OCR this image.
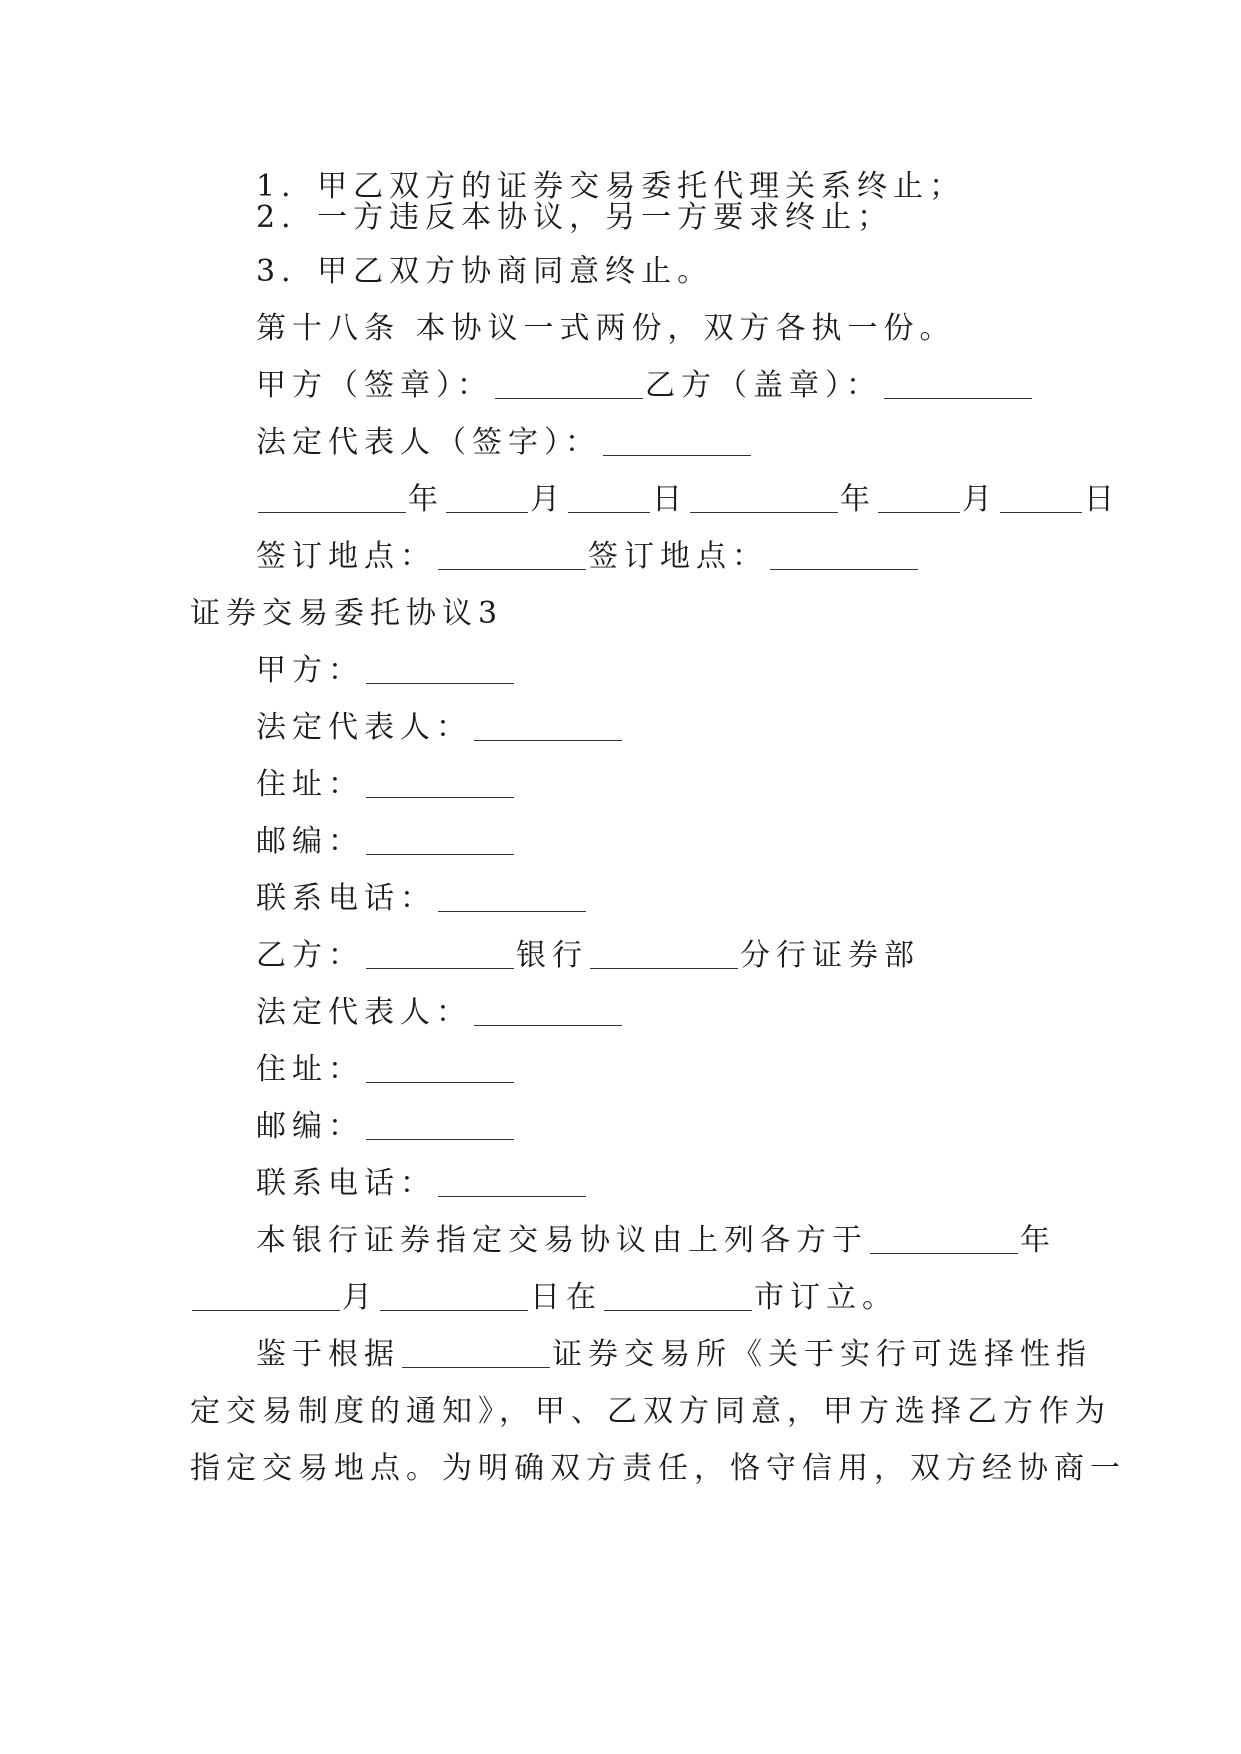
1．甲乙双方的证券交易委托代理关系终止；
2．一方违反本协议，另一方要求终止；
3．甲乙双方协商同意终止。
第十八条 本协议一式两份，双方各执一份。
甲方（签章）：	乙方（盖章）：
法定代表人（签字）：
年	月	日	年	月	日
签订地点：	签订地点：
证券交易委托协议3
甲方：
法定代表人：
住址：
邮编：
联系电话：
乙方：	银行	分行证券部
法定代表人：
住址：
邮编：
联系电话：
本银行证券指定交易协议由上列各方于	年
月	日在	市订立。
鉴于根据	证券交易所《关于实行可选择性指
定交易制度的通知》，甲、乙双方同意，甲方选择乙方作为
指定交易地点。为明确双方责任，恪守信用，双方经协商一
